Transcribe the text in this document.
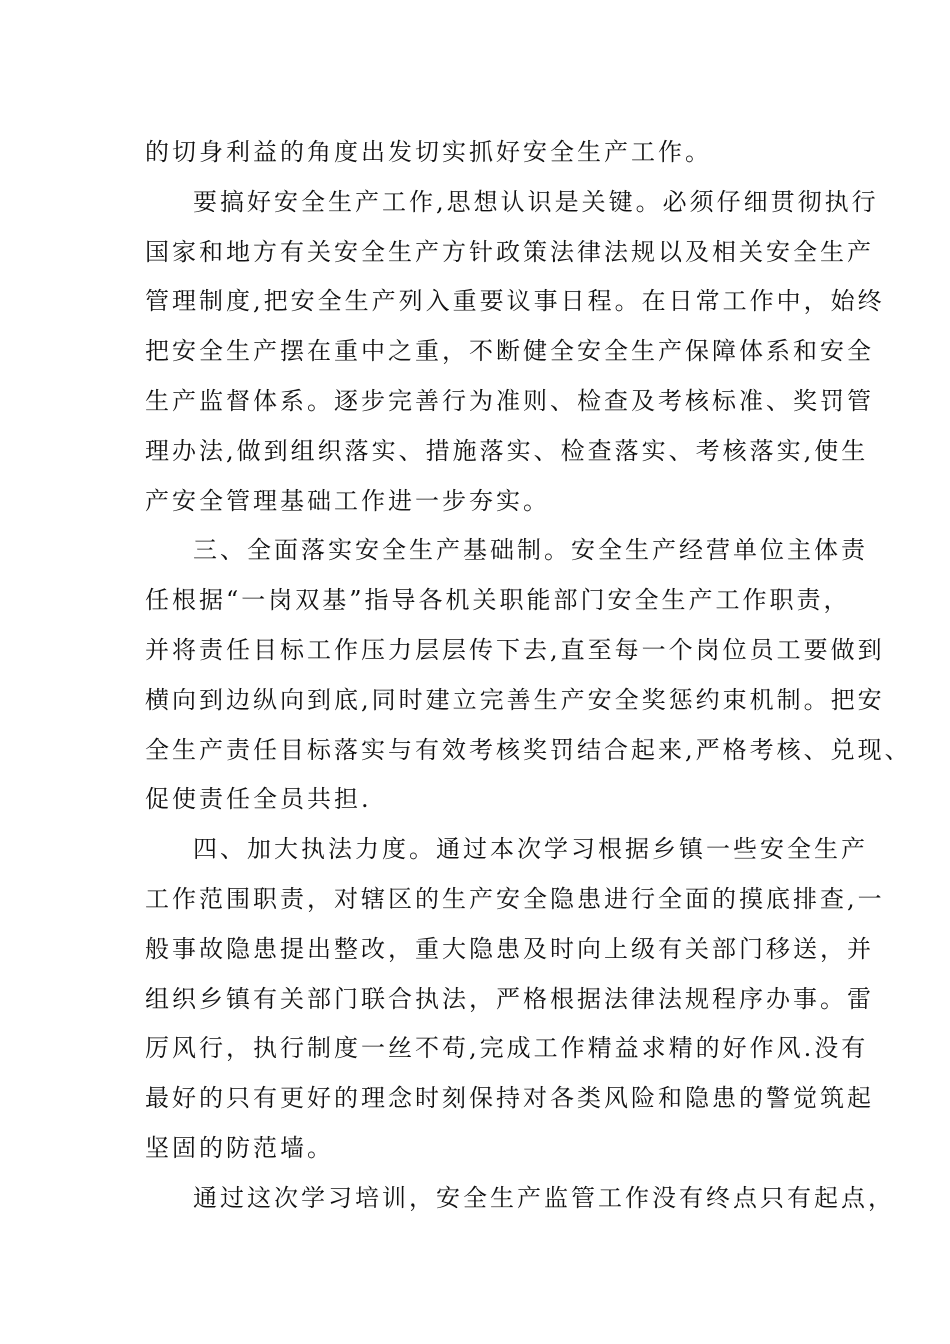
的切身利益的角度出发切实抓好安全生产工作。
要搞好安全生产工作,思想认识是关键。必须仔细贯彻执行
国家和地方有关安全生产方针政策法律法规以及相关安全生产
管理制度,把安全生产列入重要议事日程。在日常工作中，始终
把安全生产摆在重中之重，不断健全安全生产保障体系和安全
生产监督体系。逐步完善行为准则、检查及考核标准、奖罚管
理办法,做到组织落实、措施落实、检查落实、考核落实,使生
产安全管理基础工作进一步夯实。
三、全面落实安全生产基础制。安全生产经营单位主体责
任根据“一岗双基”指导各机关职能部门安全生产工作职责，
并将责任目标工作压力层层传下去,直至每一个岗位员工要做到
横向到边纵向到底,同时建立完善生产安全奖惩约束机制。把安
全生产责任目标落实与有效考核奖罚结合起来,严格考核、兑现、
促使责任全员共担.
四、加大执法力度。通过本次学习根据乡镇一些安全生产
工作范围职责，对辖区的生产安全隐患进行全面的摸底排查,一
般事故隐患提出整改，重大隐患及时向上级有关部门移送，并
组织乡镇有关部门联合执法，严格根据法律法规程序办事。雷
厉风行，执行制度一丝不苟,完成工作精益求精的好作风.没有
最好的只有更好的理念时刻保持对各类风险和隐患的警觉筑起
坚固的防范墙。
通过这次学习培训，安全生产监管工作没有终点只有起点，
